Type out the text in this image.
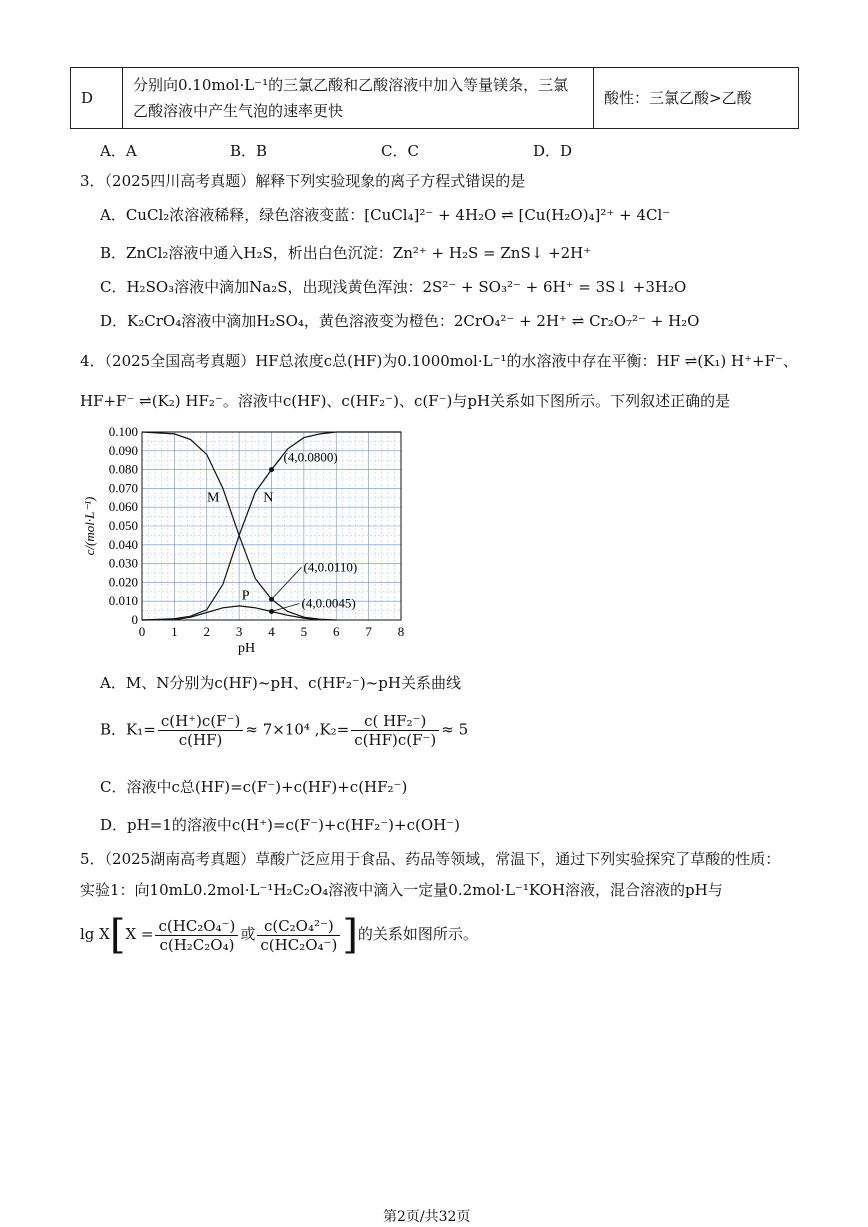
D	分别向0.10mol·L⁻¹的三氯乙酸和乙酸溶液中加入等量镁条，三氯乙酸溶液中产生气泡的速率更快	酸性：三氯乙酸>乙酸
A．A	B．B	C．C	D．D
3．（2025四川高考真题）解释下列实验现象的离子方程式错误的是
A．CuCl₂浓溶液稀释，绿色溶液变蓝：[CuCl₄]²⁻ + 4H₂O ⇌ [Cu(H₂O)₄]²⁺ + 4Cl⁻
B．ZnCl₂溶液中通入H₂S，析出白色沉淀：Zn²⁺ + H₂S = ZnS↓ +2H⁺
C．H₂SO₃溶液中滴加Na₂S，出现浅黄色浑浊：2S²⁻ + SO₃²⁻ + 6H⁺ = 3S↓ +3H₂O
D．K₂CrO₄溶液中滴加H₂SO₄，黄色溶液变为橙色：2CrO₄²⁻ + 2H⁺ ⇌ Cr₂O₇²⁻ + H₂O
4．（2025全国高考真题）HF总浓度c总(HF)为0.1000mol·L⁻¹的水溶液中存在平衡：HF ⇌(K₁) H⁺+F⁻、
HF+F⁻ ⇌(K₂) HF₂⁻。溶液中c(HF)、c(HF₂⁻)、c(F⁻)与pH关系如下图所示。下列叙述正确的是
0 1 2 3 4 5 6 7 8
0
0.010
0.020
0.030
0.040
0.050
0.060
0.070
0.080
0.090
0.100
pH
c/(mol·L⁻¹)	M	N
P
(4,0.0800)
(4,0.0110)
(4,0.0045)
A．M、N分别为c(HF)~pH、c(HF₂⁻)~pH关系曲线
B．$K_1= \frac{c(H^+)c(F^-)}{c(HF)} \approx 7\times 10^4$ $,K_2= \frac{\text{c( HF₂⁻)}}{c(HF)c(F^-)} \approx 5$
C．溶液中c总(HF)=c(F⁻)+c(HF)+c(HF₂⁻)
D．pH=1的溶液中c(H⁺)=c(F⁻)+c(HF₂⁻)+c(OH⁻)
5．（2025湖南高考真题）草酸广泛应用于食品、药品等领域，常温下，通过下列实验探究了草酸的性质：
实验1：向10mL0.2mol·L⁻¹H₂C₂O₄溶液中滴入一定量0.2mol·L⁻¹KOH溶液，混合溶液的pH与
$\lg X[X = \frac{\text{c(HC₂O₄⁻)}}{\text{c(H₂C₂O₄)}}$ 或 $\frac{\text{c(C₂O₄²⁻)}}{\text{c(HC₂O₄⁻)}}$ ]的关系如图所示。
第2页/共32页
